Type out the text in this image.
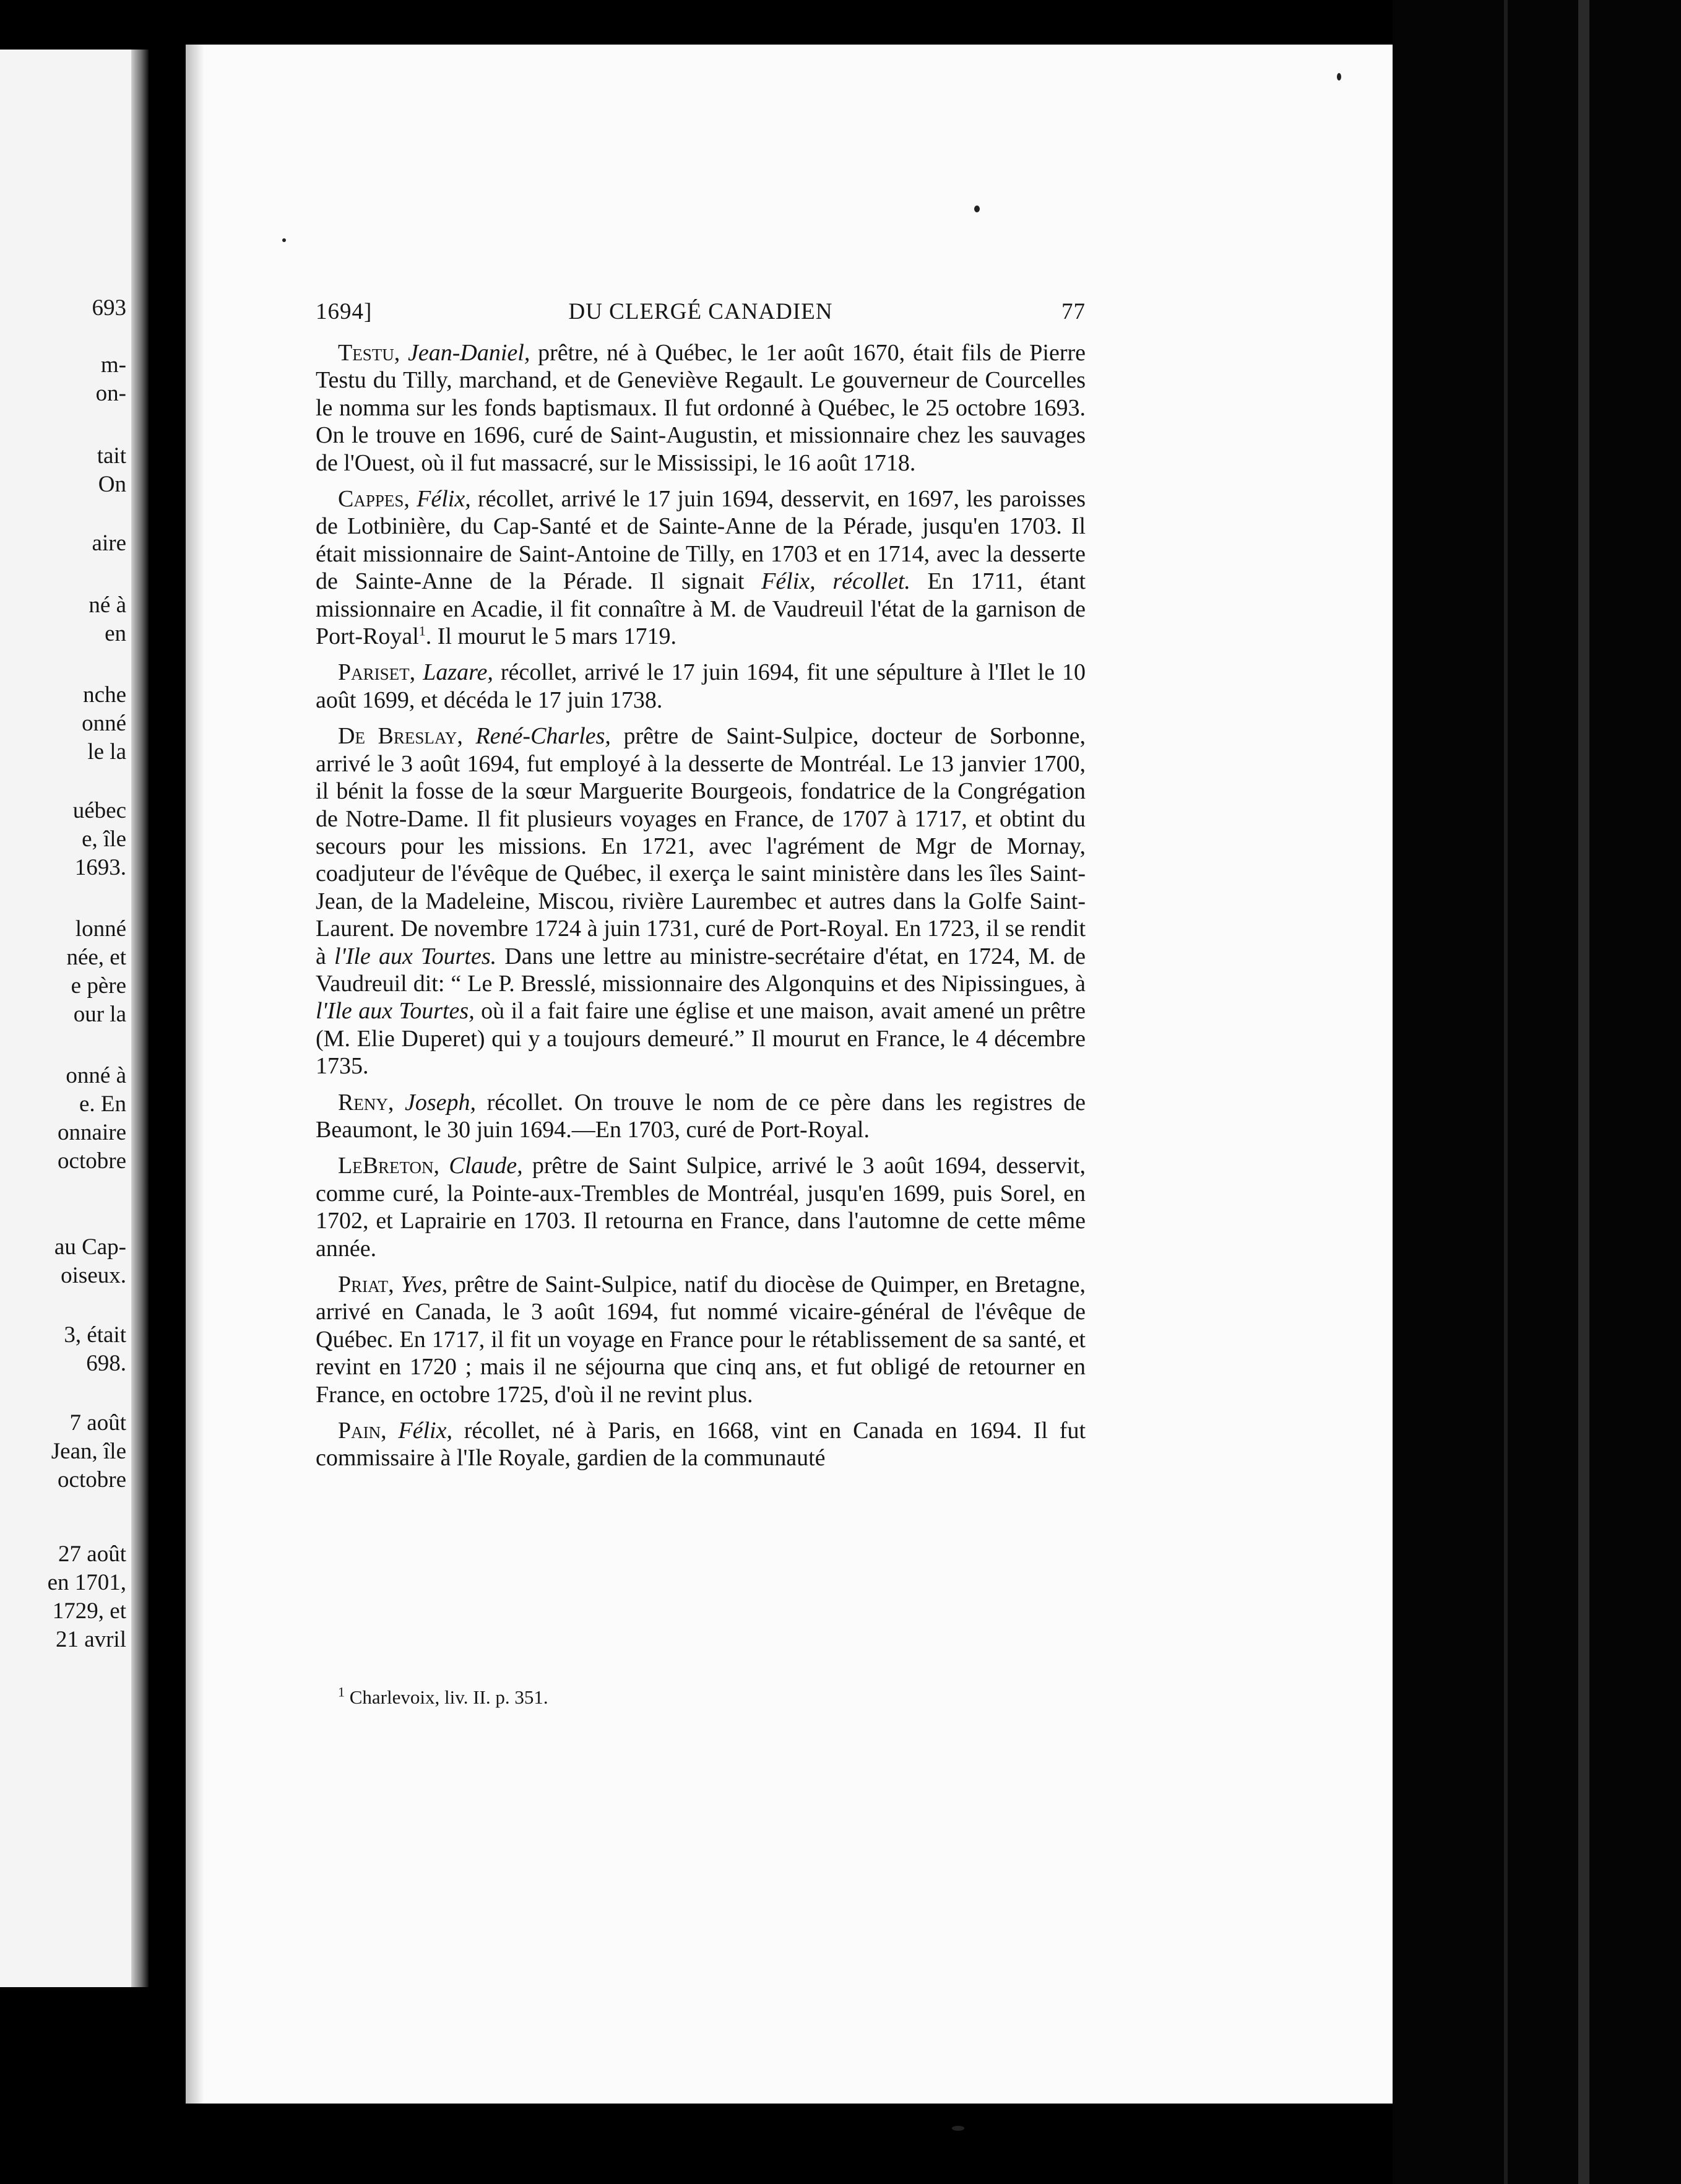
693
m-
on-
tait
On
aire
né à
en
nche
onné
le la
uébec
e, île
1693.
lonné
née, et
e père
our la
onné à
e. En
onnaire
octobre
au Cap-
oiseux.
3, était
698.
7 août
Jean, île
octobre
27 août
en 1701,
1729, et
21 avril
DU CLERGÉ CANADIEN
1694]	77

Testu, Jean-Daniel, prêtre, né à Québec, le 1er août 1670, était fils de Pierre Testu du Tilly, marchand, et de Geneviève Regault. Le gouverneur de Courcelles le nomma sur les fonds baptismaux. Il fut ordonné à Québec, le 25 octobre 1693. On le trouve en 1696, curé de Saint-Augustin, et missionnaire chez les sauvages de l'Ouest, où il fut massacré, sur le Mississipi, le 16 août 1718.

Cappes, Félix, récollet, arrivé le 17 juin 1694, desservit, en 1697, les paroisses de Lotbinière, du Cap-Santé et de Sainte-Anne de la Pérade, jusqu'en 1703. Il était missionnaire de Saint-Antoine de Tilly, en 1703 et en 1714, avec la desserte de Sainte-Anne de la Pérade. Il signait Félix, récollet. En 1711, étant missionnaire en Acadie, il fit connaître à M. de Vaudreuil l'état de la garnison de Port-Royal$^1$. Il mourut le 5 mars 1719.

Pariset, Lazare, récollet, arrivé le 17 juin 1694, fit une sépulture à l'Ilet le 10 août 1699, et décéda le 17 juin 1738.

De Breslay, René-Charles, prêtre de Saint-Sulpice, docteur de Sorbonne, arrivé le 3 août 1694, fut employé à la desserte de Montréal. Le 13 janvier 1700, il bénit la fosse de la sœur Marguerite Bourgeois, fondatrice de la Congrégation de Notre-Dame. Il fit plusieurs voyages en France, de 1707 à 1717, et obtint du secours pour les missions. En 1721, avec l'agrément de Mgr de Mornay, coadjuteur de l'évêque de Québec, il exerça le saint ministère dans les îles Saint-Jean, de la Madeleine, Miscou, rivière Laurembec et autres dans la Golfe Saint-Laurent. De novembre 1724 à juin 1731, curé de Port-Royal. En 1723, il se rendit à l'Ile aux Tourtes. Dans une lettre au ministre-secrétaire d'état, en 1724, M. de Vaudreuil dit: “ Le P. Bresslé, missionnaire des Algonquins et des Nipissingues, à l'Ile aux Tourtes, où il a fait faire une église et une maison, avait amené un prêtre (M. Elie Duperet) qui y a toujours demeuré.” Il mourut en France, le 4 décembre 1735.

Reny, Joseph, récollet. On trouve le nom de ce père dans les registres de Beaumont, le 30 juin 1694.—En 1703, curé de Port-Royal.

LeBreton, Claude, prêtre de Saint Sulpice, arrivé le 3 août 1694, desservit, comme curé, la Pointe-aux-Trembles de Montréal, jusqu'en 1699, puis Sorel, en 1702, et Laprairie en 1703. Il retourna en France, dans l'automne de cette même année.

Priat, Yves, prêtre de Saint-Sulpice, natif du diocèse de Quimper, en Bretagne, arrivé en Canada, le 3 août 1694, fut nommé vicaire-général de l'évêque de Québec. En 1717, il fit un voyage en France pour le rétablissement de sa santé, et revint en 1720 ; mais il ne séjourna que cinq ans, et fut obligé de retourner en France, en octobre 1725, d'où il ne revint plus.

Pain, Félix, récollet, né à Paris, en 1668, vint en Canada en 1694. Il fut commissaire à l'Ile Royale, gardien de la communauté

$^1$ Charlevoix, liv. II. p. 351.
